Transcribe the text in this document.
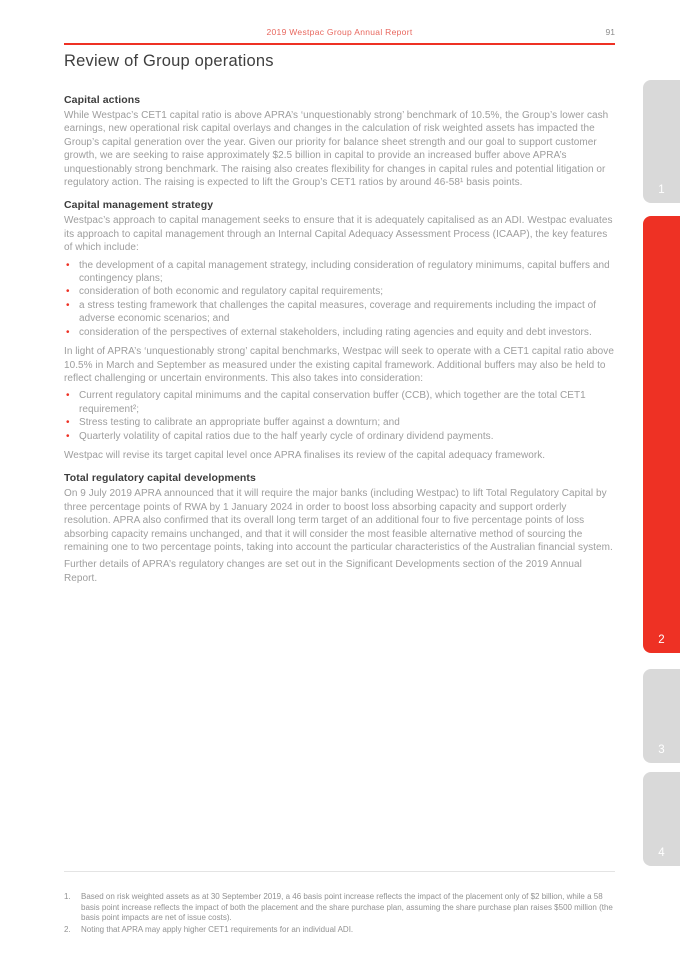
2019 Westpac Group Annual Report	91
Review of Group operations
Capital actions

While Westpac’s CET1 capital ratio is above APRA’s ‘unquestionably strong’ benchmark of 10.5%, the Group’s lower cash earnings, new operational risk capital overlays and changes in the calculation of risk weighted assets has impacted the Group’s capital generation over the year. Given our priority for balance sheet strength and our goal to support customer growth, we are seeking to raise approximately $2.5 billion in capital to provide an increased buffer above APRA’s unquestionably strong benchmark. The raising also creates flexibility for changes in capital rules and potential litigation or regulatory action. The raising is expected to lift the Group’s CET1 ratios by around 46-58¹ basis points.

Capital management strategy

Westpac’s approach to capital management seeks to ensure that it is adequately capitalised as an ADI. Westpac evaluates its approach to capital management through an Internal Capital Adequacy Assessment Process (ICAAP), the key features of which include:

• the development of a capital management strategy, including consideration of regulatory minimums, capital buffers and contingency plans;
• consideration of both economic and regulatory capital requirements;
• a stress testing framework that challenges the capital measures, coverage and requirements including the impact of adverse economic scenarios; and
• consideration of the perspectives of external stakeholders, including rating agencies and equity and debt investors.

In light of APRA’s ‘unquestionably strong’ capital benchmarks, Westpac will seek to operate with a CET1 capital ratio above 10.5% in March and September as measured under the existing capital framework. Additional buffers may also be held to reflect challenging or uncertain environments. This also takes into consideration:

• Current regulatory capital minimums and the capital conservation buffer (CCB), which together are the total CET1 requirement²;
• Stress testing to calibrate an appropriate buffer against a downturn; and
• Quarterly volatility of capital ratios due to the half yearly cycle of ordinary dividend payments.

Westpac will revise its target capital level once APRA finalises its review of the capital adequacy framework.

Total regulatory capital developments

On 9 July 2019 APRA announced that it will require the major banks (including Westpac) to lift Total Regulatory Capital by three percentage points of RWA by 1 January 2024 in order to boost loss absorbing capacity and support orderly resolution. APRA also confirmed that its overall long term target of an additional four to five percentage points of loss absorbing capacity remains unchanged, and that it will consider the most feasible alternative method of sourcing the remaining one to two percentage points, taking into account the particular characteristics of the Australian financial system.

Further details of APRA’s regulatory changes are set out in the Significant Developments section of the 2019 Annual Report.

1.	Based on risk weighted assets as at 30 September 2019, a 46 basis point increase reflects the impact of the placement only of $2 billion, while a 58 basis point increase reflects the impact of both the placement and the share purchase plan, assuming the share purchase plan raises $500 million (the basis point impacts are net of issue costs).
2.	Noting that APRA may apply higher CET1 requirements for an individual ADI.
1
2
3
4
